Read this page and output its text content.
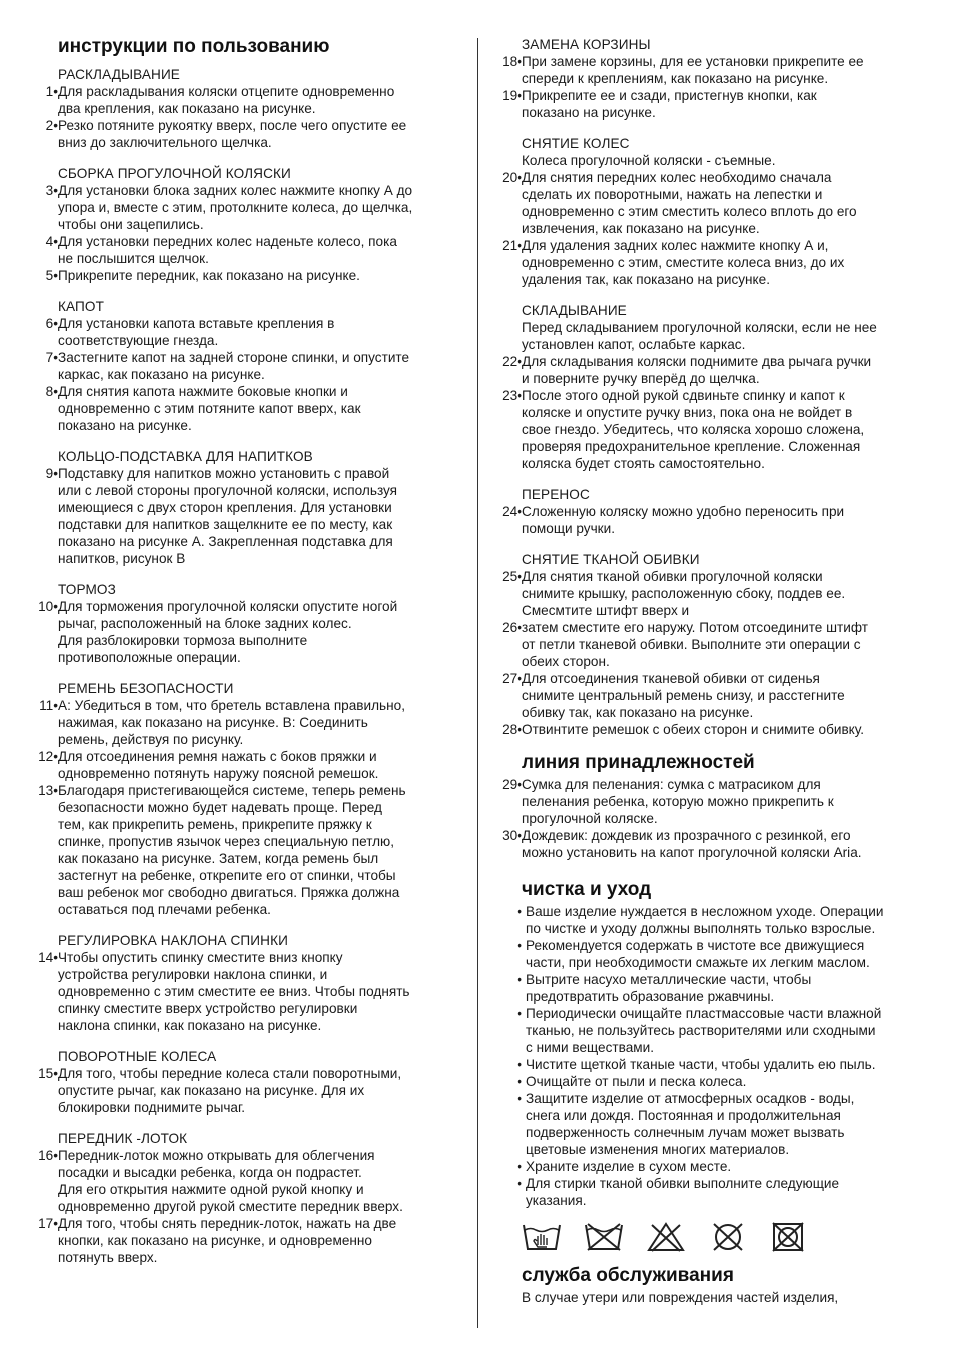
инструкции по пользованию
РАСКЛАДЫВАНИЕ
1• Для раскладывания коляски отцепите одновременно
два крепления, как показано на рисунке.
2• Резко потяните рукоятку вверх, после чего опустите ее
вниз до заключительного щелчка.
СБОРКА ПРОГУЛОЧНОЙ КОЛЯСКИ
3• Для установки блока задних колес нажмите кнопку А до
упора и, вместе с этим, протолкните колеса, до щелчка,
чтобы они зацепились.
4• Для установки передних колес наденьте колесо, пока
не послышится щелчок.
5• Прикрепите передник, как показано на рисунке.
КАПОТ
6• Для установки капота вставьте крепления в
соответствующие гнезда.
7• Застегните капот на задней стороне спинки, и опустите
каркас, как показано на рисунке.
8• Для снятия капота нажмите боковые кнопки и
одновременно с этим потяните капот вверх, как
показано на рисунке.
КОЛЬЦО-ПОДСТАВКА ДЛЯ НАПИТКОВ
9• Подставку для напитков можно установить с правой
или с левой стороны прогулочной коляски, используя
имеющиеся с двух сторон крепления. Для установки
подставки для напитков защелкните ее по месту, как
показано на рисунке А. Закрепленная подставка для
напитков, рисунок В
ТОРМОЗ
10• Для торможения прогулочной коляски опустите ногой
рычаг, расположенный на блоке задних колес.
Для разблокировки тормоза выполните
противоположные операции.
РЕМЕНЬ БЕЗОПАСНОСТИ
11• А: Убедиться в том, что бретель вставлена правильно,
нажимая, как показано на рисунке. В: Соединить
ремень, действуя по рисунку.
12• Для отсоединения ремня нажать с боков пряжки и
одновременно потянуть наружу поясной ремешок.
13• Благодаря пристегивающейся системе, теперь ремень
безопасности можно будет надевать проще. Перед
тем, как прикрепить ремень, прикрепите пряжку к
спинке, пропустив язычок через специальную петлю,
как показано на рисунке. Затем, когда ремень был
застегнут на ребенке, открепите его от спинки, чтобы
ваш ребенок мог свободно двигаться. Пряжка должна
оставаться под плечами ребенка.
РЕГУЛИРОВКА НАКЛОНА СПИНКИ
14• Чтобы опустить спинку сместите вниз кнопку
устройства регулировки наклона спинки, и
одновременно с этим сместите ее вниз. Чтобы поднять
спинку сместите вверх устройство регулировки
наклона спинки, как показано на рисунке.
ПОВОРОТНЫЕ КОЛЕСА
15• Для того, чтобы передние колеса стали поворотными,
опустите рычаг, как показано на рисунке. Для их
блокировки поднимите рычаг.
ПЕРЕДНИК -ЛОТОК
16• Передник-лоток можно открывать для облегчения
посадки и высадки ребенка, когда он подрастет.
Для его открытия нажмите одной рукой кнопку и
одновременно другой рукой сместите передник вверх.
17• Для того, чтобы снять передник-лоток, нажать на две
кнопки, как показано на рисунке, и одновременно
потянуть вверх.
ЗАМЕНА КОРЗИНЫ
18• При замене корзины, для ее установки прикрепите ее
спереди к креплениям, как показано на рисунке.
19• Прикрепите ее и сзади, пристегнув кнопки, как
показано на рисунке.
СНЯТИЕ КОЛЕС
Колеса прогулочной коляски - съемные.
20• Для снятия передних колес необходимо сначала
сделать их поворотными, нажать на лепестки и
одновременно с этим сместить колесо вплоть до его
извлечения, как показано на рисунке.
21• Для удаления задних колес нажмите кнопку А и,
одновременно с этим, сместите колеса вниз, до их
удаления так, как показано на рисунке.
СКЛАДЫВАНИЕ
Перед складыванием прогулочной коляски, если не нее установлен капот, ослабьте каркас.
22• Для складывания коляски поднимите два рычага ручки
и поверните ручку вперёд до щелчка.
23• После этого одной рукой сдвиньте спинку и капот к
коляске и опустите ручку вниз, пока она не войдет в
свое гнездо. Убедитесь, что коляска хорошо сложена,
проверяя предохранительное крепление. Сложенная
коляска будет стоять самостоятельно.
ПЕРЕНОС
24• Сложенную коляску можно удобно переносить при
помощи ручки.
СНЯТИЕ ТКАНОЙ ОБИВКИ
25• Для снятия тканой обивки прогулочной коляски
снимите крышку, расположенную сбоку, поддев ее.
Смесмтите штифт вверх и
26• затем сместите его наружу. Потом отсоедините штифт
от петли тканевой обивки. Выполните эти операции с
обеих сторон.
27• Для отсоединения тканевой обивки от сиденья
снимите центральный ремень снизу, и расстегните
обивку так, как показано на рисунке.
28• Отвинтите ремешок с обеих сторон и снимите обивку.
линия принадлежностей
29• Сумка для пеленания: сумка с матрасиком для
пеленания ребенка, которую можно прикрепить к
прогулочной коляске.
30• Дождевик: дождевик из прозрачного с резинкой, его
можно установить на капот прогулочной коляски Aria.
чистка и уход
• Ваше изделие нуждается в несложном уходе. Операции
по чистке и уходу должны выполнять только взрослые.
• Рекомендуется содержать в чистоте все движущиеся
части, при необходимости смажьте их легким маслом.
• Вытрите насухо металлические части, чтобы
предотвратить образование ржавчины.
• Периодически очищайте пластмассовые части влажной
тканью, не пользуйтесь растворителями или сходными
с ними веществами.
• Чистите щеткой тканые части, чтобы удалить ею пыль.
• Очищайте от пыли и песка колеса.
• Защитите изделие от атмосферных осадков - воды,
снега или дождя. Постоянная и продолжительная
подверженность солнечным лучам может вызвать
цветовые изменения многих материалов.
• Храните изделие в сухом месте.
• Для стирки тканой обивки выполните следующие
указания.
служба обслуживания
В случае утери или повреждения частей изделия,
